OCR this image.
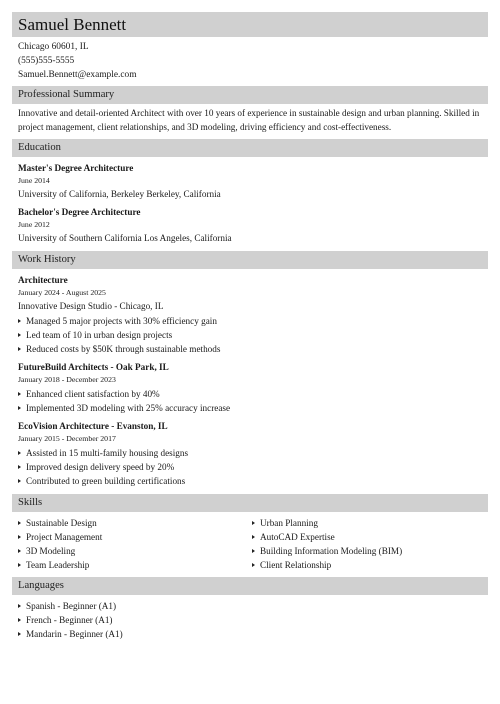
Samuel Bennett
Chicago 60601, IL
(555)555-5555
Samuel.Bennett@example.com
Professional Summary
Innovative and detail-oriented Architect with over 10 years of experience in sustainable design and urban planning. Skilled in project management, client relationships, and 3D modeling, driving efficiency and cost-effectiveness.
Education
Master's Degree Architecture
June 2014
University of California, Berkeley Berkeley, California
Bachelor's Degree Architecture
June 2012
University of Southern California Los Angeles, California
Work History
Architecture
January 2024 - August 2025
Innovative Design Studio - Chicago, IL
Managed 5 major projects with 30% efficiency gain
Led team of 10 in urban design projects
Reduced costs by $50K through sustainable methods
FutureBuild Architects - Oak Park, IL
January 2018 - December 2023
Enhanced client satisfaction by 40%
Implemented 3D modeling with 25% accuracy increase
EcoVision Architecture - Evanston, IL
January 2015 - December 2017
Assisted in 15 multi-family housing designs
Improved design delivery speed by 20%
Contributed to green building certifications
Skills
Sustainable Design
Project Management
3D Modeling
Team Leadership
Urban Planning
AutoCAD Expertise
Building Information Modeling (BIM)
Client Relationship
Languages
Spanish - Beginner (A1)
French - Beginner (A1)
Mandarin - Beginner (A1)
